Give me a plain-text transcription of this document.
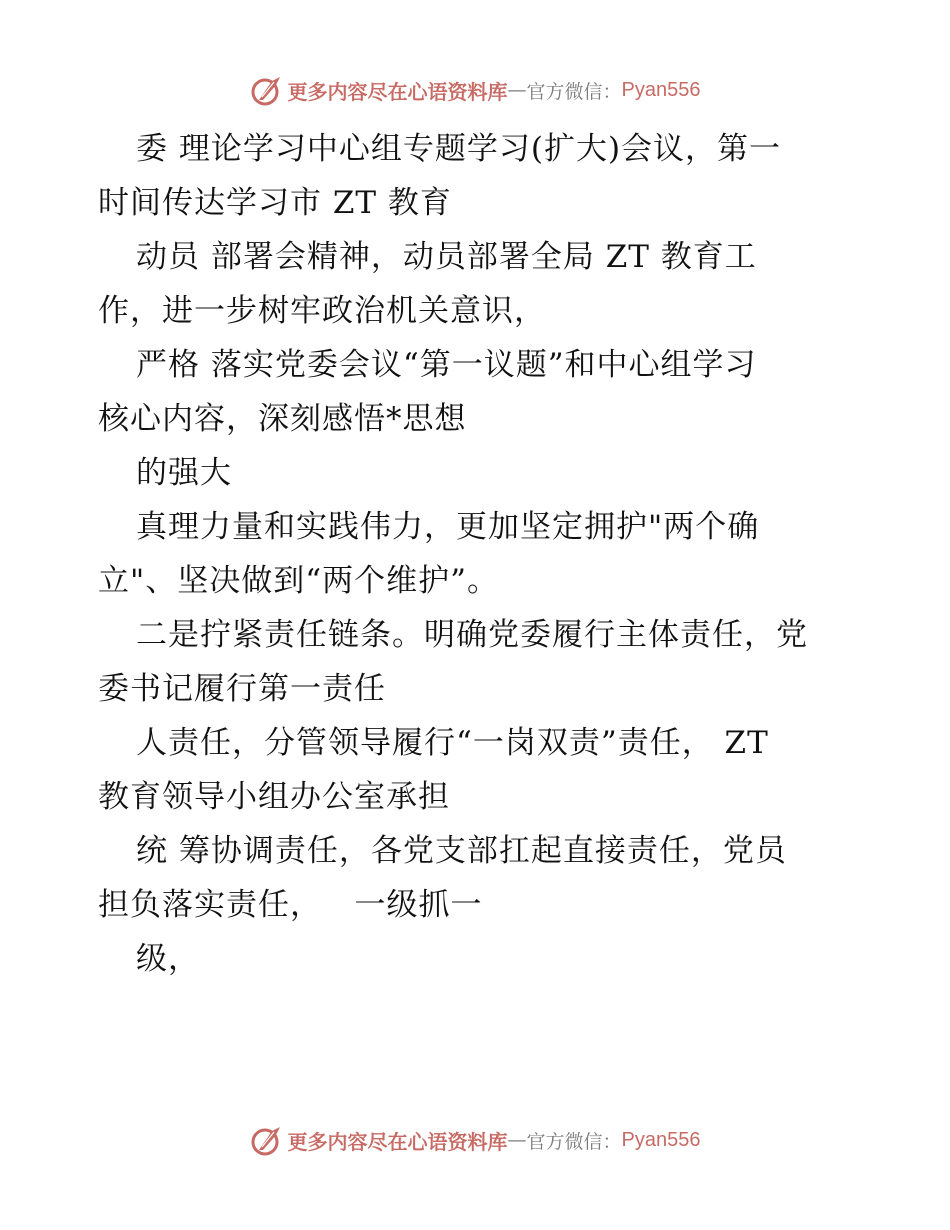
更多内容尽在心语资料库 — 官方微信： Pyan556
委 理论学习中心组专题学习(扩大)会议，第一
时间传达学习市 ZT 教育
动员 部署会精神，动员部署全局 ZT 教育工
作，进一步树牢政治机关意识，
严格 落实党委会议“第一议题”和中心组学习
核心内容，深刻感悟*思想
的强大
真理力量和实践伟力，更加坚定拥护"两个确
立"、坚决做到“两个维护”。
二是拧紧责任链条。明确党委履行主体责任，党
委书记履行第一责任
人责任，分管领导履行“一岗双责”责任， ZT
教育领导小组办公室承担
统 筹协调责任，各党支部扛起直接责任，党员
担负落实责任，   一级抓一
级，
更多内容尽在心语资料库 — 官方微信： Pyan556
